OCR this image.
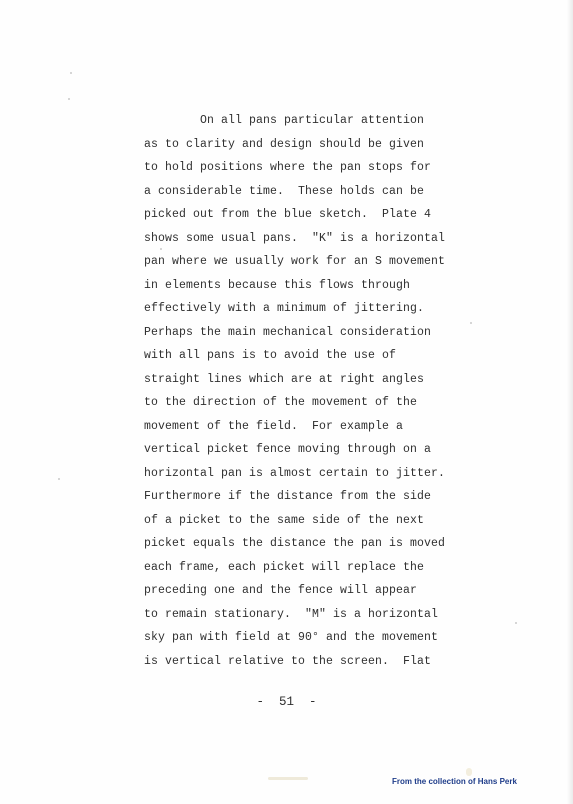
On all pans particular attention
as to clarity and design should be given
to hold positions where the pan stops for
a considerable time.  These holds can be
picked out from the blue sketch.  Plate 4
shows some usual pans.  "K" is a horizontal
pan where we usually work for an S movement
in elements because this flows through
effectively with a minimum of jittering.
Perhaps the main mechanical consideration
with all pans is to avoid the use of
straight lines which are at right angles
to the direction of the movement of the
movement of the field.  For example a
vertical picket fence moving through on a
horizontal pan is almost certain to jitter.
Furthermore if the distance from the side
of a picket to the same side of the next
picket equals the distance the pan is moved
each frame, each picket will replace the
preceding one and the fence will appear
to remain stationary.  "M" is a horizontal
sky pan with field at 90° and the movement
is vertical relative to the screen.  Flat
-  51  -
From the collection of Hans Perk
